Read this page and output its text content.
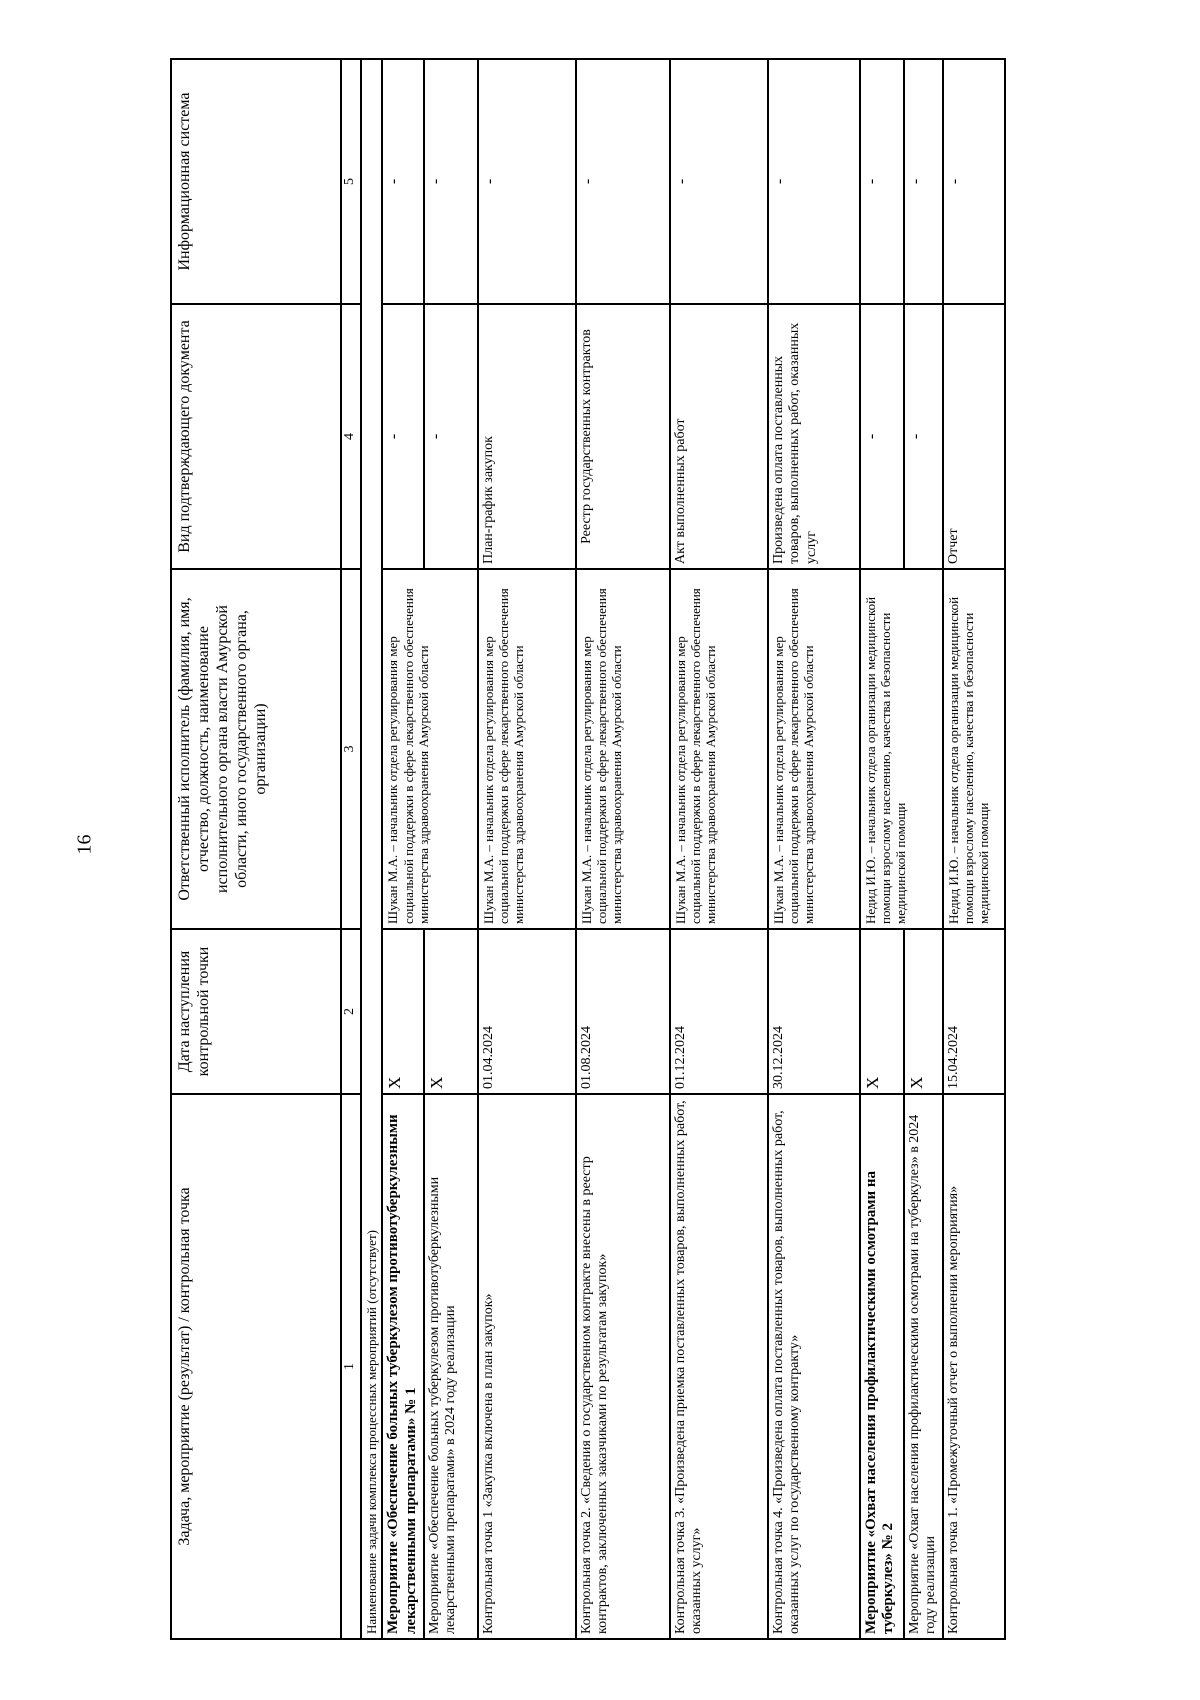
16
Задача, мероприятие (результат) / контрольная точка	Дата наступления контрольной точки	Ответственный исполнитель (фамилия, имя, отчество, должность, наименование исполнительного органа власти Амурской области, иного государственного органа, организации)	Вид подтверждающего документа	Информационная система
1	2	3	4	5
Наименование задачи комплекса процессных мероприятий (отсутствует)				
Мероприятие «Обеспечение больных туберкулезом противотуберкулезными лекарственными препаратами» № 1	X	Шукан М.А. – начальник отдела регулирования мер социальной поддержки в сфере лекарственного обеспечения министерства здравоохранения Амурской области	-	-
Мероприятие «Обеспечение больных туберкулезом противотуберкулезными лекарственными препаратами» в 2024 году реализации	X		-	-
Контрольная точка 1 «Закупка включена в план закупок»	01.04.2024	Шукан М.А. – начальник отдела регулирования мер социальной поддержки в сфере лекарственного обеспечения министерства здравоохранения Амурской области	План-график закупок	-
Контрольная точка 2. «Сведения о государственном контракте внесены в реестр контрактов, заключенных заказчиками по результатам закупок»	01.08.2024	Шукан М.А. – начальник отдела регулирования мер социальной поддержки в сфере лекарственного обеспечения министерства здравоохранения Амурской области	Реестр государственных контрактов	-
Контрольная точка 3. «Произведена приемка поставленных товаров, выполненных работ, оказанных услуг»	01.12.2024	Шукан М.А. – начальник отдела регулирования мер социальной поддержки в сфере лекарственного обеспечения министерства здравоохранения Амурской области	Акт выполненных работ	-
Контрольная точка 4. «Произведена оплата поставленных товаров, выполненных работ, оказанных услуг по государственному контракту»	30.12.2024	Шукан М.А. – начальник отдела регулирования мер социальной поддержки в сфере лекарственного обеспечения министерства здравоохранения Амурской области	Произведена оплата поставленных товаров, выполненных работ, оказанных услуг	-
Мероприятие «Охват населения профилактическими осмотрами на туберкулез» № 2	X	Недид И.Ю. – начальник отдела организации медицинской помощи взрослому населению, качества и безопасности медицинской помощи	-	-
Мероприятие «Охват населения профилактическими осмотрами на туберкулез» в 2024 году реализации	X		-	-
Контрольная точка 1. «Промежуточный отчет о выполнении мероприятия»	15.04.2024	Недид И.Ю. – начальник отдела организации медицинской помощи взрослому населению, качества и безопасности медицинской помощи	Отчет	-
